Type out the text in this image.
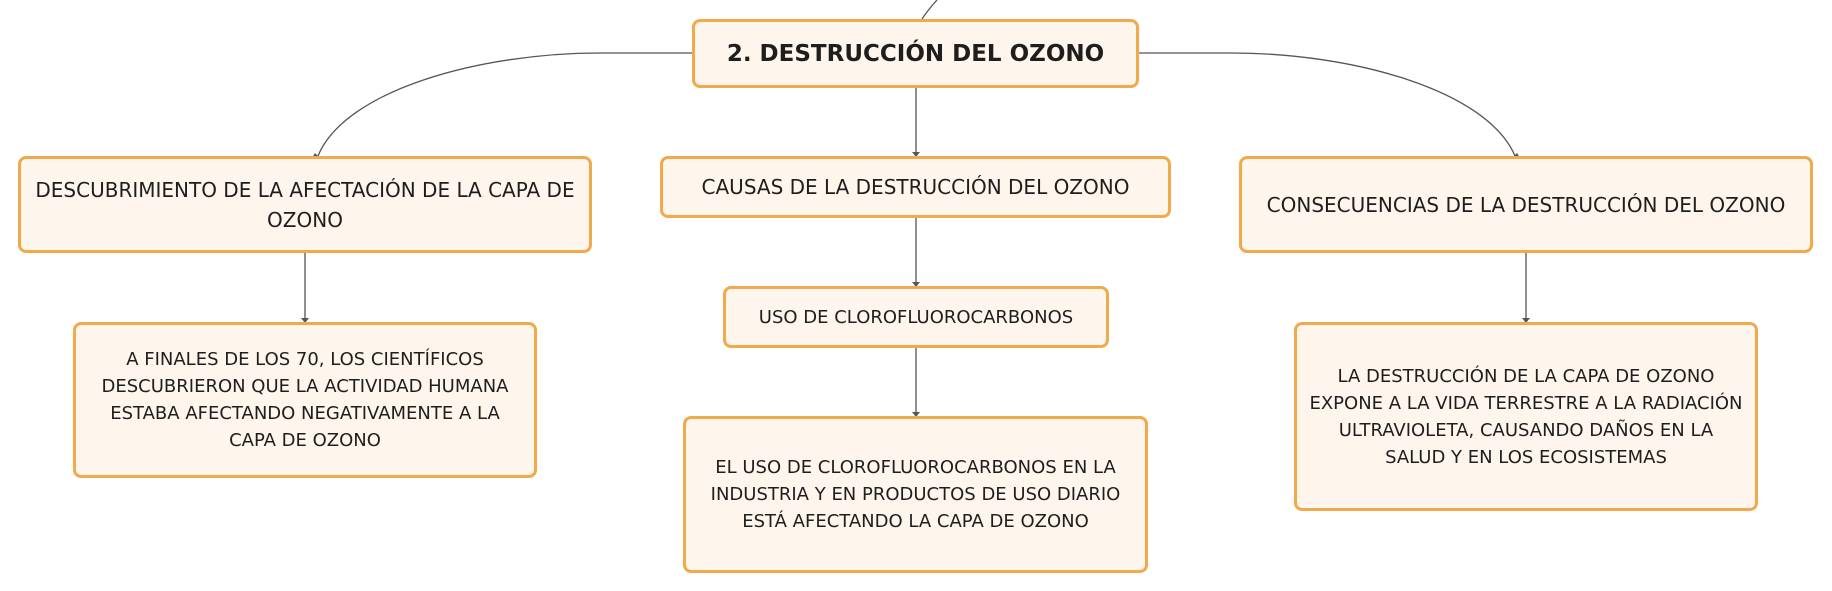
2. DESTRUCCIÓN DEL OZONO
DESCUBRIMIENTO DE LA AFECTACIÓN DE LA CAPA DE OZONO
CAUSAS DE LA DESTRUCCIÓN DEL OZONO
CONSECUENCIAS DE LA DESTRUCCIÓN DEL OZONO
A FINALES DE LOS 70, LOS CIENTÍFICOS DESCUBRIERON QUE LA ACTIVIDAD HUMANA ESTABA AFECTANDO NEGATIVAMENTE A LA CAPA DE OZONO
USO DE CLOROFLUOROCARBONOS
EL USO DE CLOROFLUOROCARBONOS EN LA INDUSTRIA Y EN PRODUCTOS DE USO DIARIO ESTÁ AFECTANDO LA CAPA DE OZONO
LA DESTRUCCIÓN DE LA CAPA DE OZONO EXPONE A LA VIDA TERRESTRE A LA RADIACIÓN ULTRAVIOLETA, CAUSANDO DAÑOS EN LA SALUD Y EN LOS ECOSISTEMAS
